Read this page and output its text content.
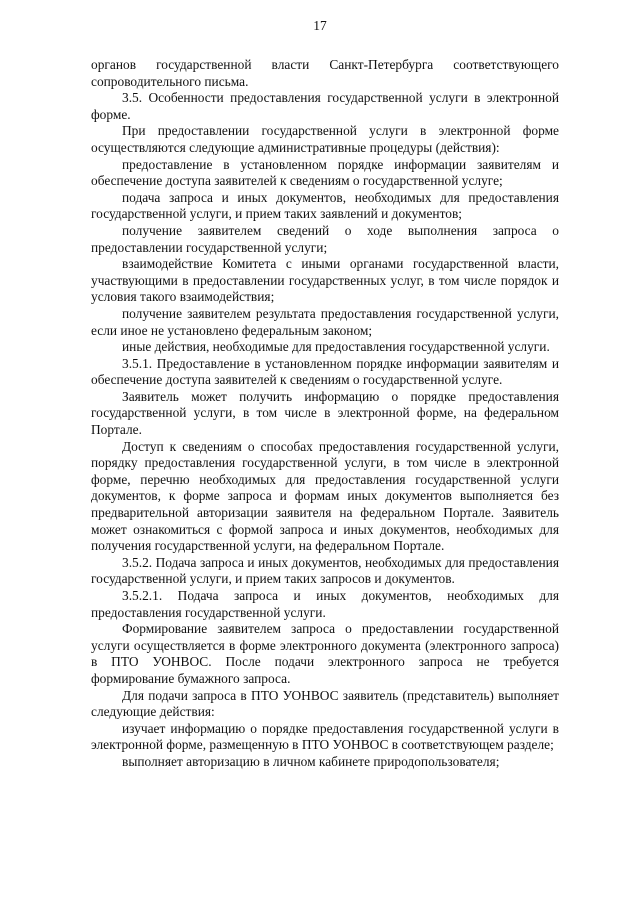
17

органов государственной власти Санкт-Петербурга соответствующего сопроводительного письма.

3.5. Особенности предоставления государственной услуги в электронной форме.

При предоставлении государственной услуги в электронной форме осуществляются следующие административные процедуры (действия):

предоставление в установленном порядке информации заявителям и обеспечение доступа заявителей к сведениям о государственной услуге;

подача запроса и иных документов, необходимых для предоставления государственной услуги, и прием таких заявлений и документов;

получение заявителем сведений о ходе выполнения запроса о предоставлении государственной услуги;

взаимодействие Комитета с иными органами государственной власти, участвующими в предоставлении государственных услуг, в том числе порядок и условия такого взаимодействия;

получение заявителем результата предоставления государственной услуги, если иное не установлено федеральным законом;

иные действия, необходимые для предоставления государственной услуги.

3.5.1. Предоставление в установленном порядке информации заявителям и обеспечение доступа заявителей к сведениям о государственной услуге.

Заявитель может получить информацию о порядке предоставления государственной услуги, в том числе в электронной форме, на федеральном Портале.

Доступ к сведениям о способах предоставления государственной услуги, порядку предоставления государственной услуги, в том числе в электронной форме, перечню необходимых для предоставления государственной услуги документов, к форме запроса и формам иных документов выполняется без предварительной авторизации заявителя на федеральном Портале. Заявитель может ознакомиться с формой запроса и иных документов, необходимых для получения государственной услуги, на федеральном Портале.

3.5.2. Подача запроса и иных документов, необходимых для предоставления государственной услуги, и прием таких запросов и документов.

3.5.2.1. Подача запроса и иных документов, необходимых для предоставления государственной услуги.

Формирование заявителем запроса о предоставлении государственной услуги осуществляется в форме электронного документа (электронного запроса) в ПТО УОНВОС. После подачи электронного запроса не требуется формирование бумажного запроса.

Для подачи запроса в ПТО УОНВОС заявитель (представитель) выполняет следующие действия:

изучает информацию о порядке предоставления государственной услуги в электронной форме, размещенную в ПТО УОНВОС в соответствующем разделе;

выполняет авторизацию в личном кабинете природопользователя;
